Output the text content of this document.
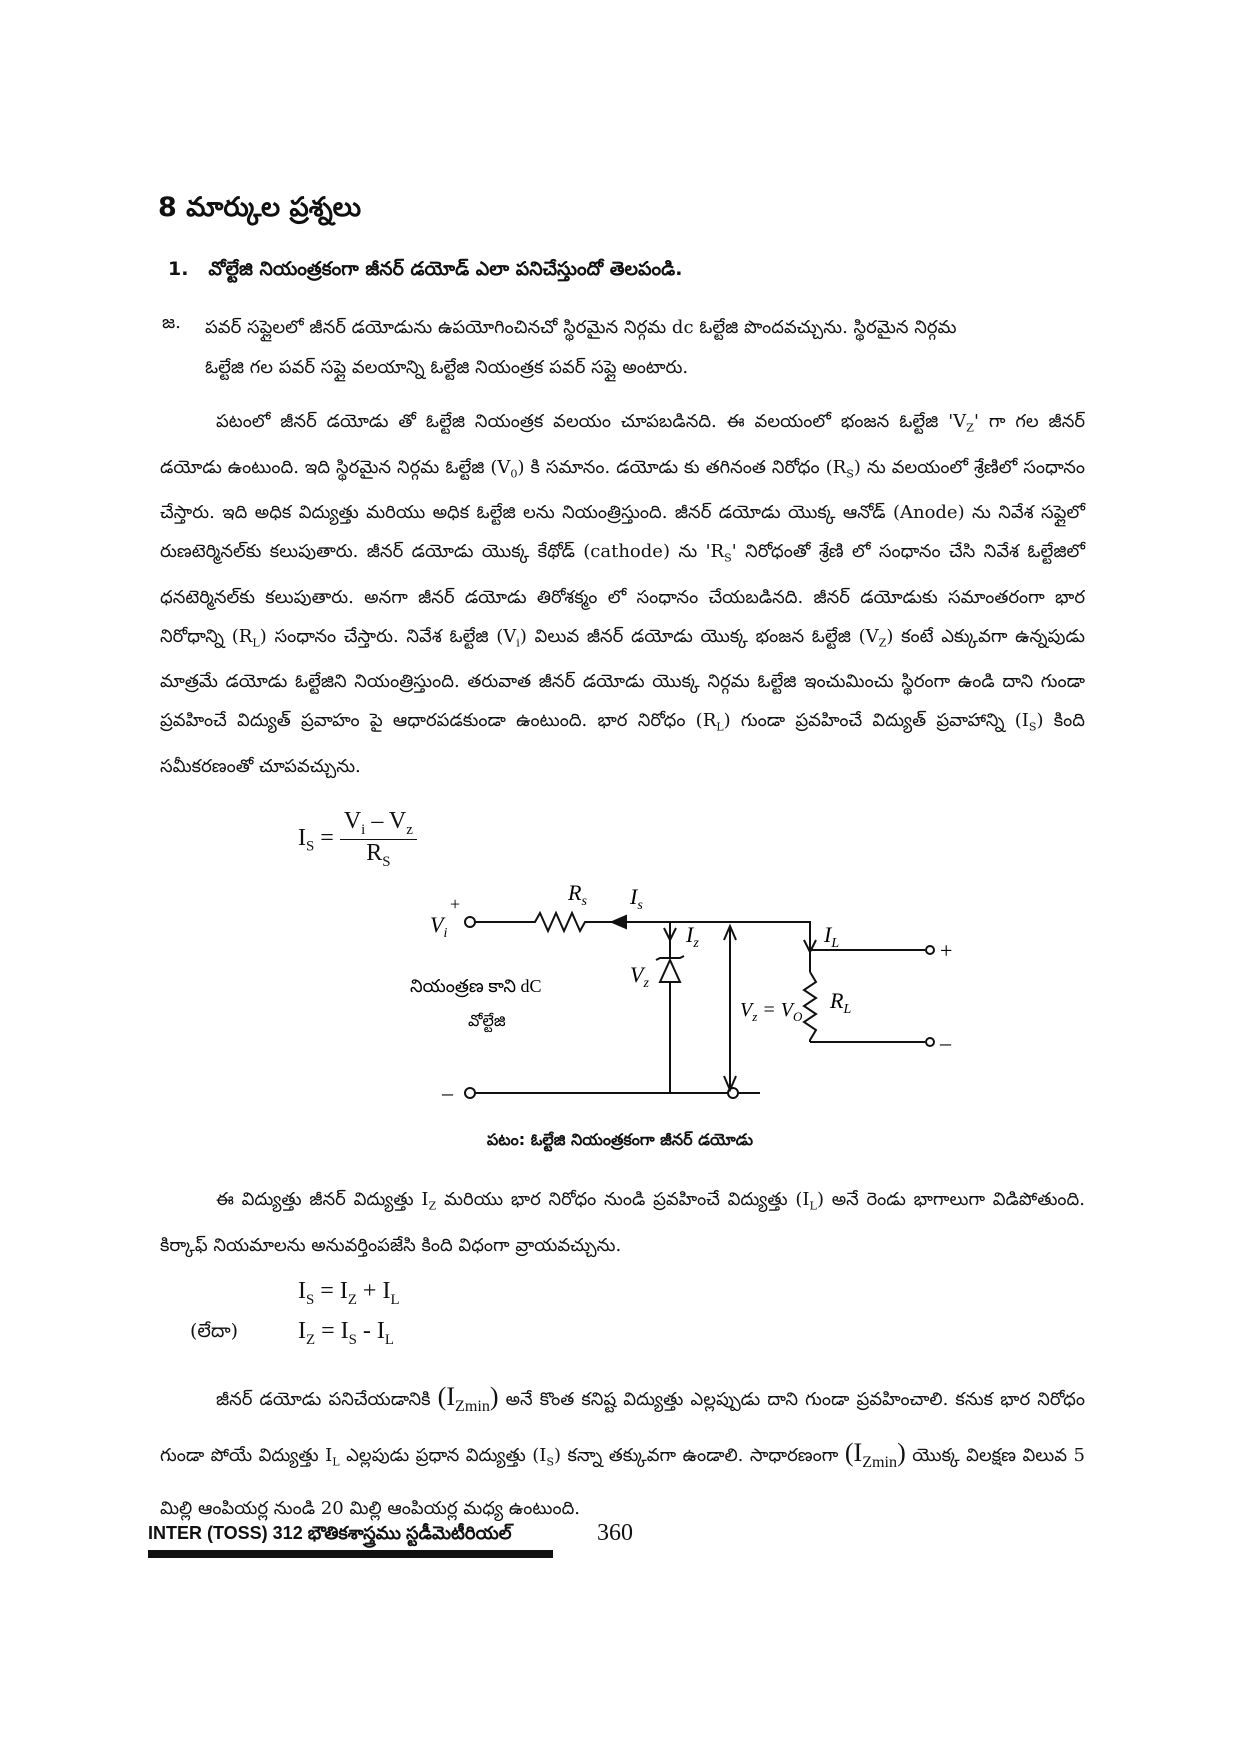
8 మార్కుల ప్రశ్నలు
1. వోల్టేజి నియంత్రకంగా జీనర్ డయోడ్ ఎలా పనిచేస్తుందో తెలపండి.
జ. పవర్ సప్లైలలో జీనర్ డయోడును ఉపయోగించినచో స్థిరమైన నిర్గమ dc ఓల్టేజి పొందవచ్చును. స్థిరమైన నిర్గమ
ఓల్టేజి గల పవర్ సప్లై వలయాన్ని ఓల్టేజి నియంత్రక పవర్ సప్లై అంటారు.

పటంలో జీనర్ డయోడు తో ఓల్టేజి నియంత్రక వలయం చూపబడినది. ఈ వలయంలో భంజన ఓల్టేజి '$V_Z$' గా గల జీనర్ డయోడు ఉంటుంది. ఇది స్థిరమైన నిర్గమ ఓల్టేజి $(V_0)$ కి సమానం. డయోడు కు తగినంత నిరోధం $(R_S)$ ను వలయంలో శ్రేణిలో సంధానం చేస్తారు. ఇది అధిక విద్యుత్తు మరియు అధిక ఓల్టేజి లను నియంత్రిస్తుంది. జీనర్ డయోడు యొక్క ఆనోడ్ (Anode) ను నివేశ సప్లైలో రుణటెర్మినల్‌కు కలుపుతారు. జీనర్ డయోడు యొక్క కేథోడ్ (cathode) ను '$R_S$' నిరోధంతో శ్రేణి లో సంధానం చేసి నివేశ ఓల్టేజిలో ధనటెర్మినల్‌కు కలుపుతారు. అనగా జీనర్ డయోడు తిరోశక్మం లో సంధానం చేయబడినది. జీనర్ డయోడుకు సమాంతరంగా భార నిరోధాన్ని $(R_L)$ సంధానం చేస్తారు. నివేశ ఓల్టేజి $(V_i)$ విలువ జీనర్ డయోడు యొక్క భంజన ఓల్టేజి $(V_Z)$ కంటే ఎక్కువగా ఉన్నపుడు మాత్రమే డయోడు ఓల్టేజిని నియంత్రిస్తుంది. తరువాత జీనర్ డయోడు యొక్క నిర్గమ ఓల్టేజి ఇంచుమించు స్థిరంగా ఉండి దాని గుండా ప్రవహించే విద్యుత్ ప్రవాహం పై ఆధారపడకుండా ఉంటుంది. భార నిరోధం $(R_L)$ గుండా ప్రవహించే విద్యుత్ ప్రవాహాన్ని $(I_S)$ కింది సమీకరణంతో చూపవచ్చును.

$I_S = \frac{V_i - V_z}{R_S}$
$V_i$
+
–
$R_s$ $I_s$
$I_z$
$V_z$
$I_L$
$R_L$
$V_z = V_O$
+
–
నియంత్రణ కాని dC
వోల్టేజి
పటం: ఓల్టేజి నియంత్రకంగా జీనర్ డయోడు

ఈ విద్యుత్తు జీనర్ విద్యుత్తు $I_Z$ మరియు భార నిరోధం నుండి ప్రవహించే విద్యుత్తు $(I_L)$ అనే రెండు భాగాలుగా విడిపోతుంది. కిర్కాఫ్ నియమాలను అనువర్తింపజేసి కింది విధంగా వ్రాయవచ్చును.

$I_S = I_Z + I_L$
(లేదా) $I_Z = I_S - I_L$

జీనర్ డయోడు పనిచేయడానికి $(I_{Zmin})$ అనే కొంత కనిష్ట విద్యుత్తు ఎల్లప్పుడు దాని గుండా ప్రవహించాలి. కనుక భార నిరోధం గుండా పోయే విద్యుత్తు $I_L$ ఎల్లపుడు ప్రధాన విద్యుత్తు $(I_S)$ కన్నా తక్కువగా ఉండాలి. సాధారణంగా $(I_{Zmin})$ యొక్క విలక్షణ విలువ 5 మిల్లి ఆంపియర్ల నుండి 20 మిల్లి ఆంపియర్ల మధ్య ఉంటుంది.

INTER (TOSS) 312 భౌతికశాస్త్రము స్టడీమెటీరియల్	360
